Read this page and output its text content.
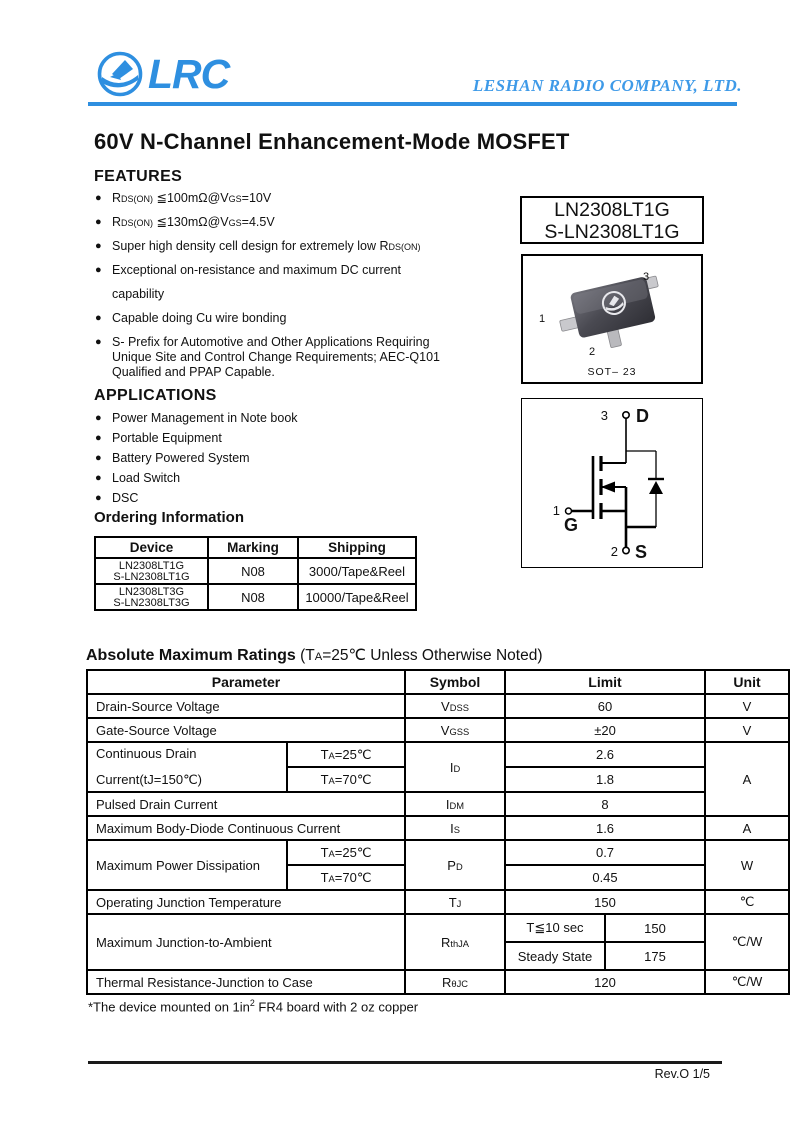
LRC	LESHAN RADIO COMPANY, LTD.
60V N-Channel Enhancement-Mode MOSFET
FEATURES
● RDS(ON) ≦100mΩ@VGS=10V
● RDS(ON) ≦130mΩ@VGS=4.5V
● Super high density cell design for extremely low RDS(ON)
● Exceptional on-resistance and maximum DC current
capability
● Capable doing Cu wire bonding
● S- Prefix for Automotive and Other Applications Requiring
Unique Site and Control Change Requirements; AEC-Q101
Qualified and PPAP Capable.
APPLICATIONS
● Power Management in Note book
● Portable Equipment
● Battery Powered System
● Load Switch
● DSC
Ordering Information
Device	Marking	Shipping

LN2308LT1G
S-LN2308LT1G	N08	3000/Tape&Reel

LN2308LT3G
S-LN2308LT3G	N08	10000/Tape&Reel
LN2308LT1G
S-LN2308LT1G
3
1
2
SOT– 23
3 D
1
G
2 S
Absolute Maximum Ratings (TA=25℃ Unless Otherwise Noted)
Parameter		Symbol	Limit		Unit
Drain-Source Voltage		VDSS	60		V
Gate-Source Voltage		VGSS	±20		V

Continuous Drain
Current(tJ=150℃)	TA=25℃	ID	2.6		A
	TA=70℃		1.8		
Pulsed Drain Current		IDM	8		
Maximum Body-Diode Continuous Current		IS	1.6		A
Maximum Power Dissipation	TA=25℃	PD	0.7		W
	TA=70℃		0.45		
Operating Junction Temperature		TJ	150		℃
Maximum Junction-to-Ambient		RthJA	T≦10 sec	150	℃/W
			Steady State	175	
Thermal Resistance-Junction to Case		RθJC	120		℃/W
*The device mounted on $1in^2$ FR4 board with 2 oz copper
Rev.O 1/5
